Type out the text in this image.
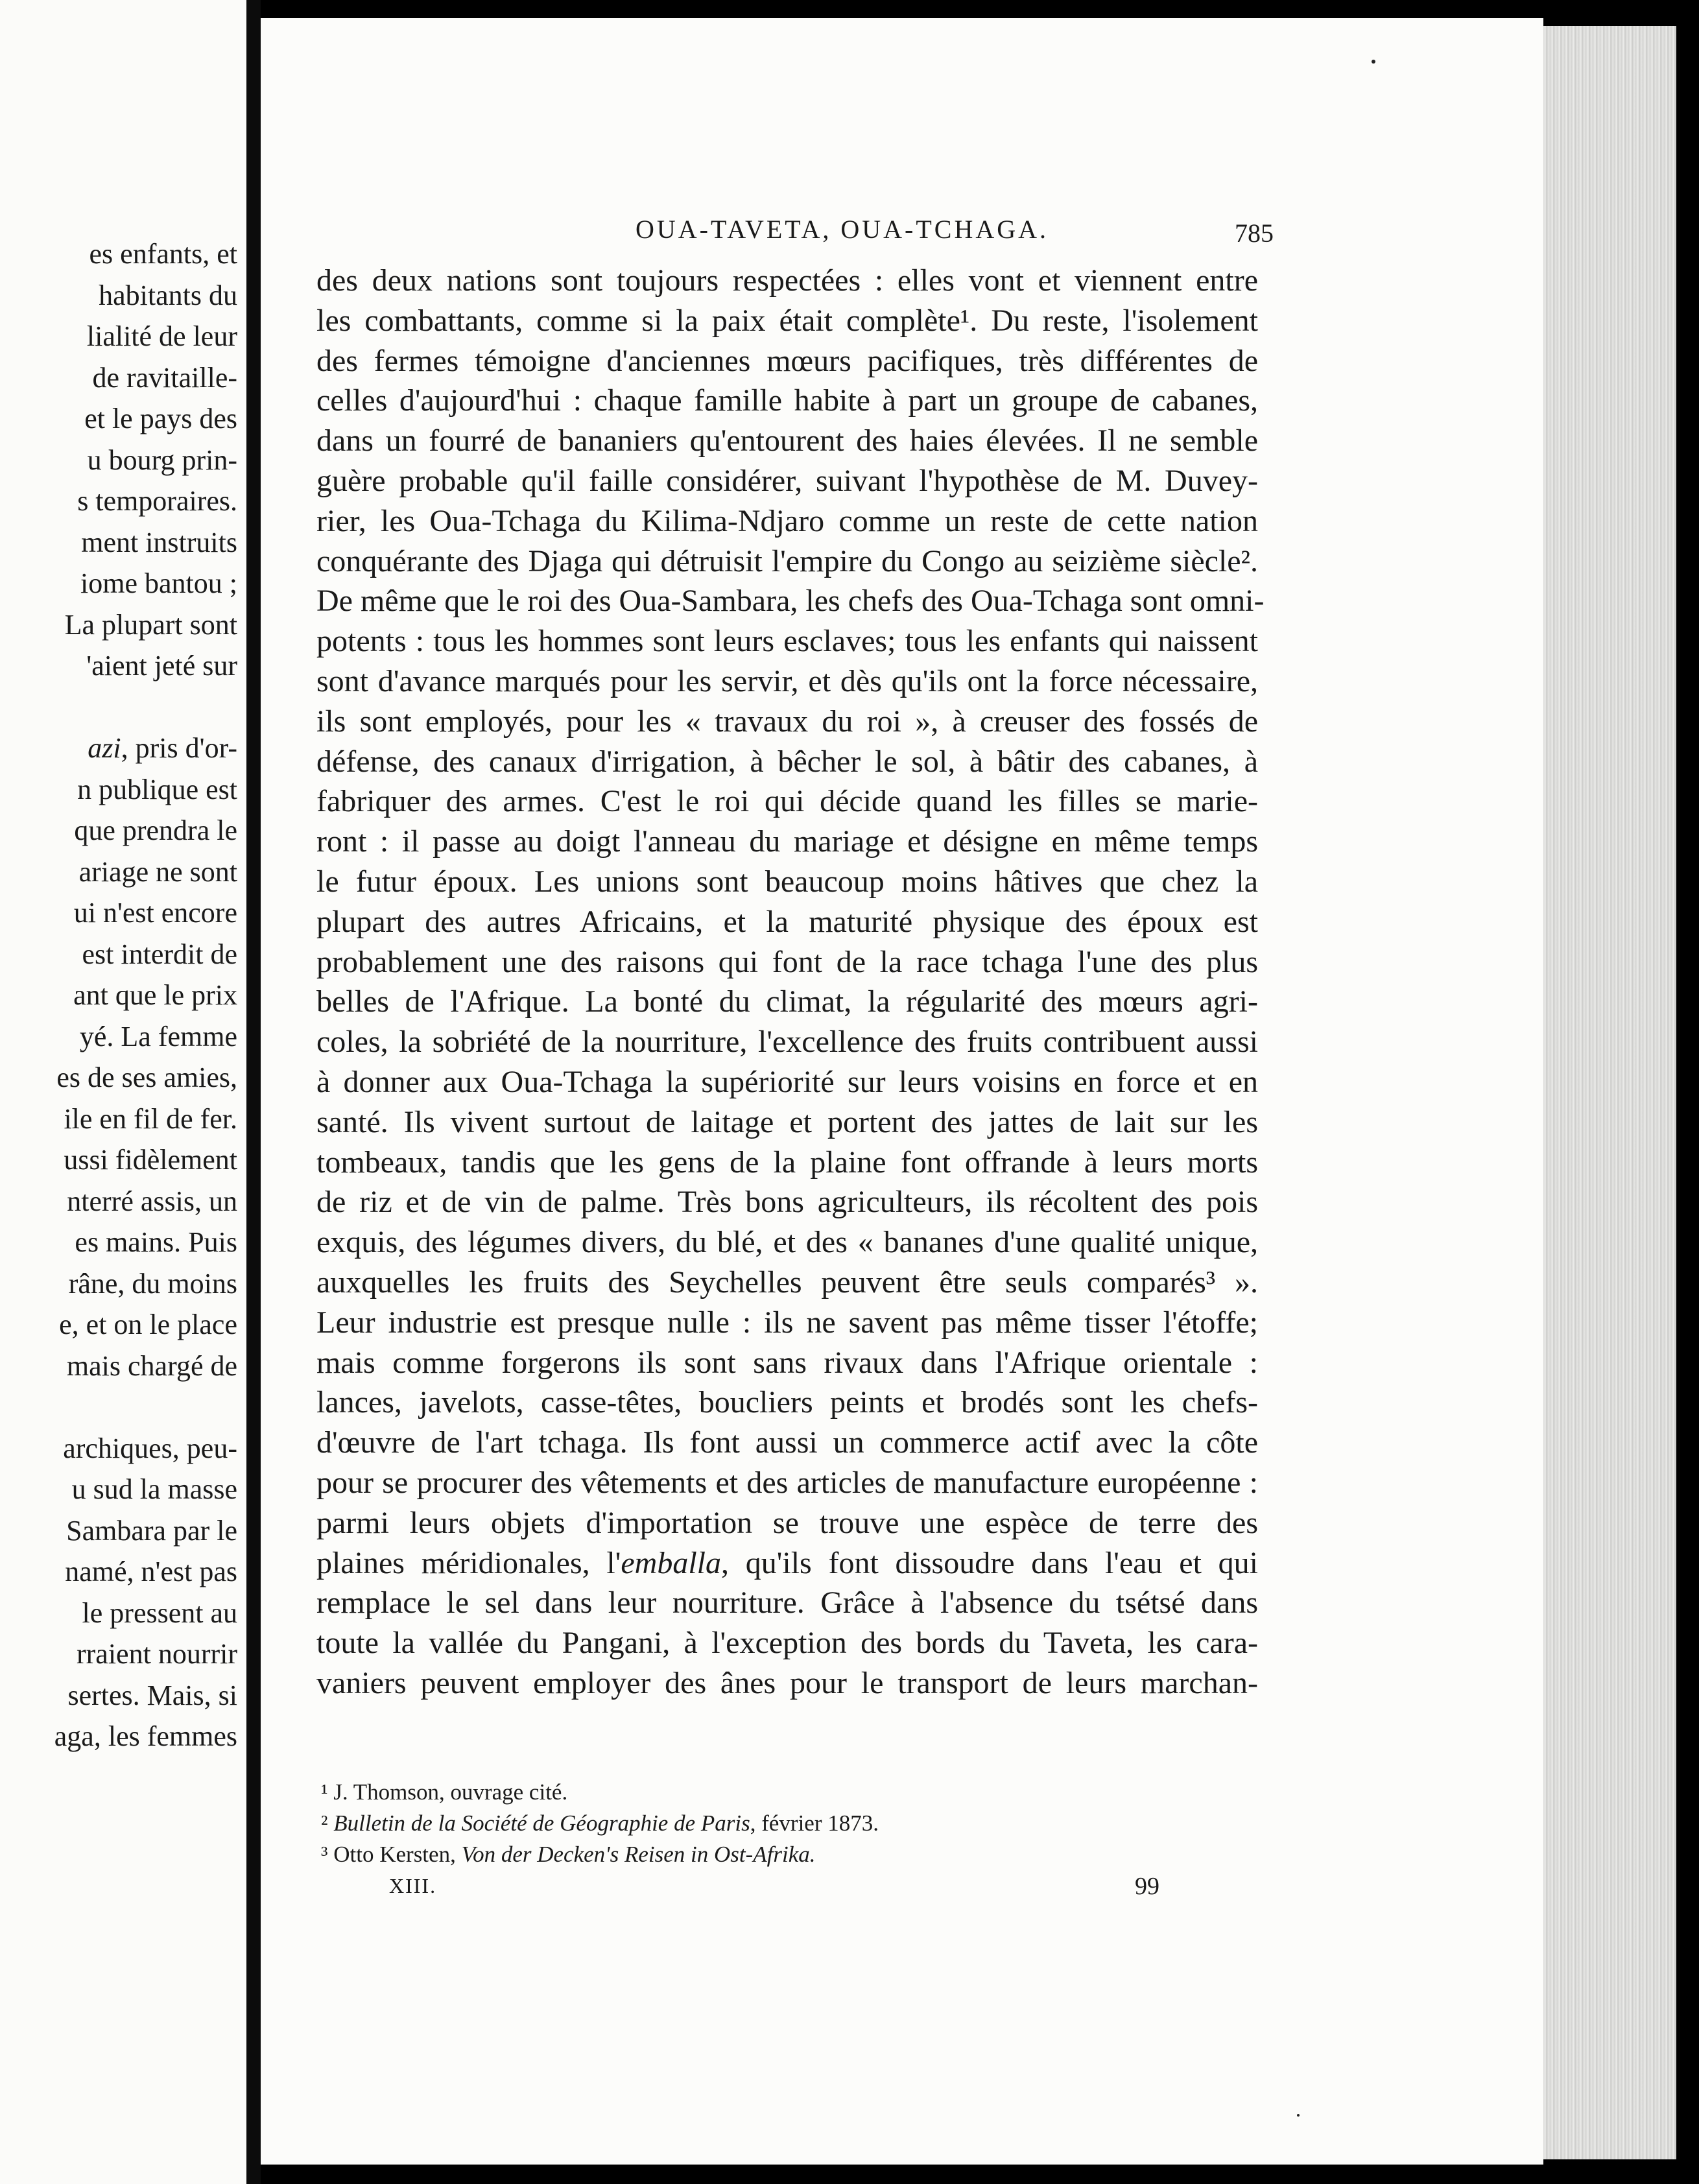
es enfants, et
habitants du
lialité de leur
de ravitaille-
et le pays des
u bourg prin-
s temporaires.
ment instruits
iome bantou ;
La plupart sont
'aient jeté sur

azi, pris d'or-
n publique est
que prendra le
ariage ne sont
ui n'est encore
est interdit de
ant que le prix
yé. La femme
es de ses amies,
ile en fil de fer.
ussi fidèlement
nterré assis, un
es mains. Puis
râne, du moins
e, et on le place
mais chargé de

archiques, peu-
u sud la masse
Sambara par le
namé, n'est pas
le pressent au
rraient nourrir
sertes. Mais, si
aga, les femmes
OUA-TAVETA, OUA-TCHAGA.	785
des deux nations sont toujours respectées : elles vont et viennent entre
les combattants, comme si la paix était complète¹. Du reste, l'isolement
des fermes témoigne d'anciennes mœurs pacifiques, très différentes de
celles d'aujourd'hui : chaque famille habite à part un groupe de cabanes,
dans un fourré de bananiers qu'entourent des haies élevées. Il ne semble
guère probable qu'il faille considérer, suivant l'hypothèse de M. Duvey-
rier, les Oua-Tchaga du Kilima-Ndjaro comme un reste de cette nation
conquérante des Djaga qui détruisit l'empire du Congo au seizième siècle².
De même que le roi des Oua-Sambara, les chefs des Oua-Tchaga sont omni-
potents : tous les hommes sont leurs esclaves; tous les enfants qui naissent
sont d'avance marqués pour les servir, et dès qu'ils ont la force nécessaire,
ils sont employés, pour les « travaux du roi », à creuser des fossés de
défense, des canaux d'irrigation, à bêcher le sol, à bâtir des cabanes, à
fabriquer des armes. C'est le roi qui décide quand les filles se marie-
ront : il passe au doigt l'anneau du mariage et désigne en même temps
le futur époux. Les unions sont beaucoup moins hâtives que chez la
plupart des autres Africains, et la maturité physique des époux est
probablement une des raisons qui font de la race tchaga l'une des plus
belles de l'Afrique. La bonté du climat, la régularité des mœurs agri-
coles, la sobriété de la nourriture, l'excellence des fruits contribuent aussi
à donner aux Oua-Tchaga la supériorité sur leurs voisins en force et en
santé. Ils vivent surtout de laitage et portent des jattes de lait sur les
tombeaux, tandis que les gens de la plaine font offrande à leurs morts
de riz et de vin de palme. Très bons agriculteurs, ils récoltent des pois
exquis, des légumes divers, du blé, et des « bananes d'une qualité unique,
auxquelles les fruits des Seychelles peuvent être seuls comparés³ ».
Leur industrie est presque nulle : ils ne savent pas même tisser l'étoffe;
mais comme forgerons ils sont sans rivaux dans l'Afrique orientale :
lances, javelots, casse-têtes, boucliers peints et brodés sont les chefs-
d'œuvre de l'art tchaga. Ils font aussi un commerce actif avec la côte
pour se procurer des vêtements et des articles de manufacture européenne :
parmi leurs objets d'importation se trouve une espèce de terre des
plaines méridionales, l'emballa, qu'ils font dissoudre dans l'eau et qui
remplace le sel dans leur nourriture. Grâce à l'absence du tsétsé dans
toute la vallée du Pangani, à l'exception des bords du Taveta, les cara-
vaniers peuvent employer des ânes pour le transport de leurs marchan-
¹ J. Thomson, ouvrage cité.
² Bulletin de la Société de Géographie de Paris, février 1873.
³ Otto Kersten, Von der Decken's Reisen in Ost-Afrika.
XIII.	99
